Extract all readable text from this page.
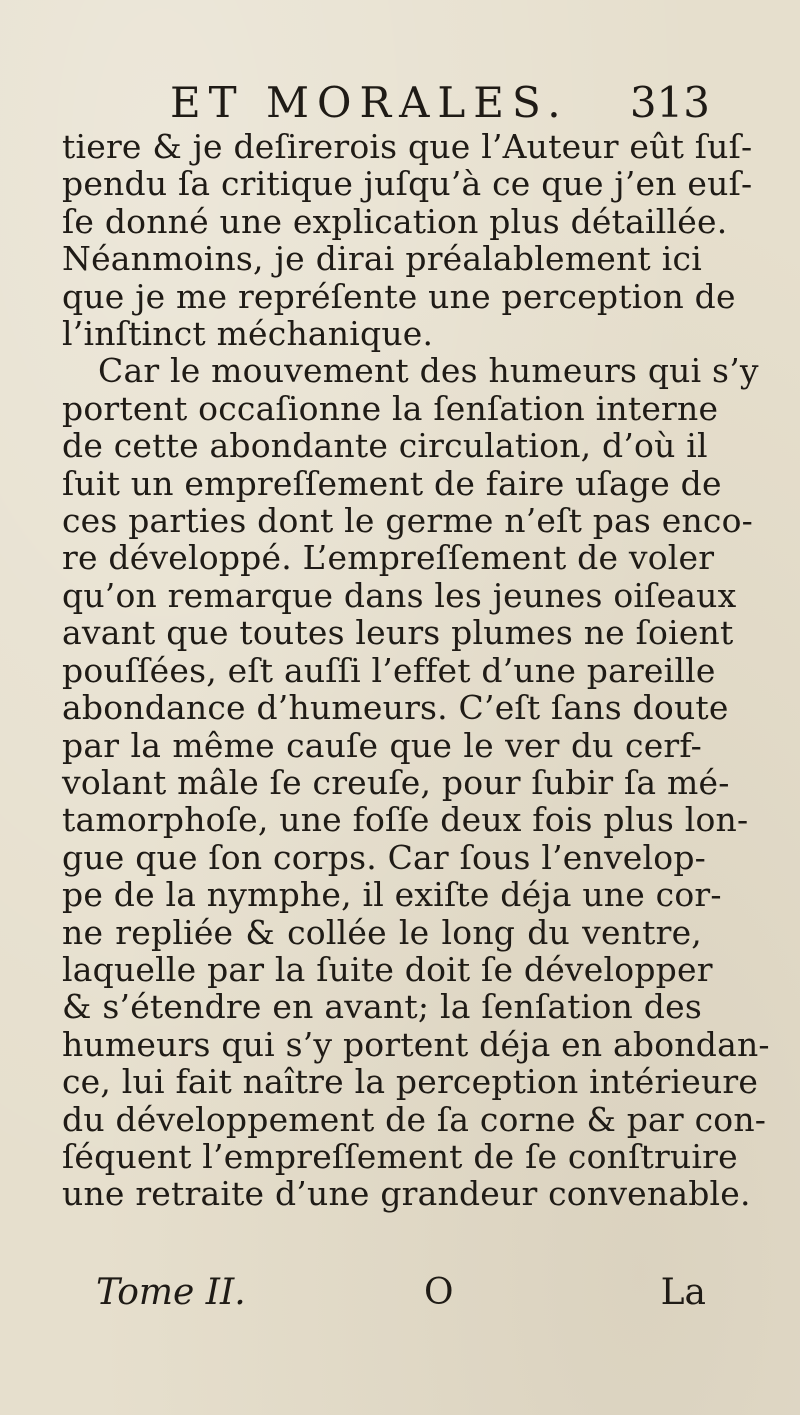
ET MORALES. 313
tiere & je deſirerois que l’Auteur eût ſuſ-
pendu ſa critique juſqu’à ce que j’en euſ-
ſe donné une explication plus détaillée.
Néanmoins, je dirai préalablement ici
que je me repréſente une perception de
l’inſtinct méchanique.
Car le mouvement des humeurs qui s’y
portent occaſionne la ſenſation interne
de cette abondante circulation, d’où il
ſuit un empreſſement de faire uſage de
ces parties dont le germe n’eſt pas enco-
re développé. L’empreſſement de voler
qu’on remarque dans les jeunes oiſeaux
avant que toutes leurs plumes ne ſoient
pouſſées, eſt auſſi l’effet d’une pareille
abondance d’humeurs. C’eſt ſans doute
par la même cauſe que le ver du cerf-
volant mâle ſe creuſe, pour ſubir ſa mé-
tamorphoſe, une foſſe deux fois plus lon-
gue que ſon corps. Car ſous l’envelop-
pe de la nymphe, il exiſte déja une cor-
ne repliée & collée le long du ventre,
laquelle par la ſuite doit ſe développer
& s’étendre en avant; la ſenſation des
humeurs qui s’y portent déja en abondan-
ce, lui fait naître la perception intérieure
du développement de ſa corne & par con-
ſéquent l’empreſſement de ſe conſtruire
une retraite d’une grandeur convenable.
Tome II.	O	La
